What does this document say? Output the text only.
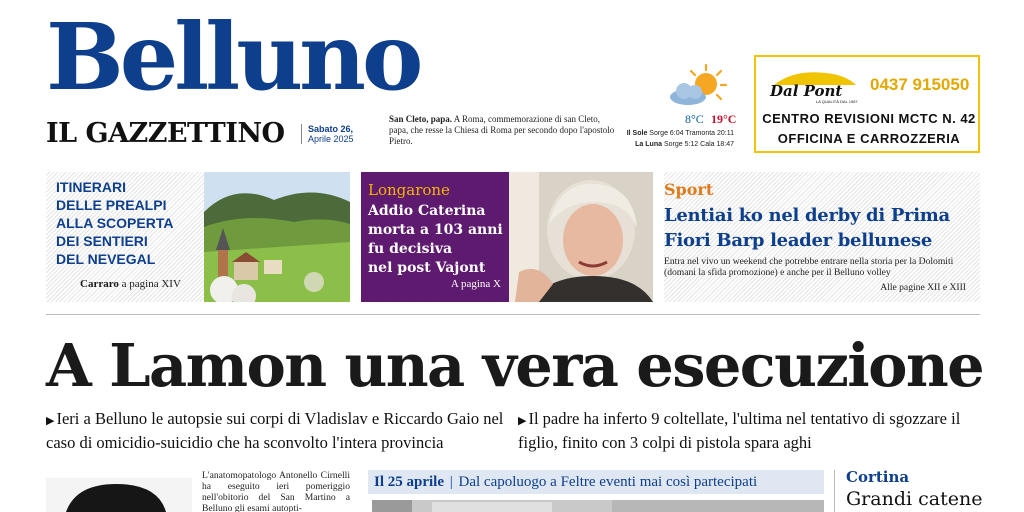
Belluno
IL GAZZETTINO	Sabato 26,
Aprile 2025
San Cleto, papa. A Roma, commemorazione di san Cleto, papa, che resse la Chiesa di Roma per secondo dopo l'apostolo Pietro.
8°C 19°C
Il Sole Sorge 6:04 Tramonta 20:11
La Luna Sorge 5:12 Cala 18:47
Dal Pont
LA QUALITÀ DAL 1967
0437 915050
CENTRO REVISIONI MCTC N. 42
OFFICINA E CARROZZERIA
ITINERARI
DELLE PREALPI
ALLA SCOPERTA
DEI SENTIERI
DEL NEVEGAL
Carraro a pagina XIV
Longarone
Addio Caterina
morta a 103 anni
fu decisiva
nel post Vajont
A pagina X
Sport
Lentiai ko nel derby di Prima
Fiori Barp leader bellunese
Entra nel vivo un weekend che potrebbe entrare nella storia per la Dolomiti (domani la sfida promozione) e anche per il Belluno volley
Alle pagine XII e XIII
A Lamon una vera esecuzione
▶ Ieri a Belluno le autopsie sui corpi di Vladislav e Riccardo Gaio nel caso di omicidio-suicidio che ha sconvolto l'intera provincia
▶ Il padre ha inferto 9 coltellate, l'ultima nel tentativo di sgozzare il figlio, finito con 3 colpi di pistola spara aghi
L'anatomopatologo Antonello Cirnelli ha eseguito ieri pomeriggio nell'obitorio del San Martino a Belluno gli esami autopti-
Il 25 aprile | Dal capoluogo a Feltre eventi mai così partecipati	Cortina
Grandi catene
